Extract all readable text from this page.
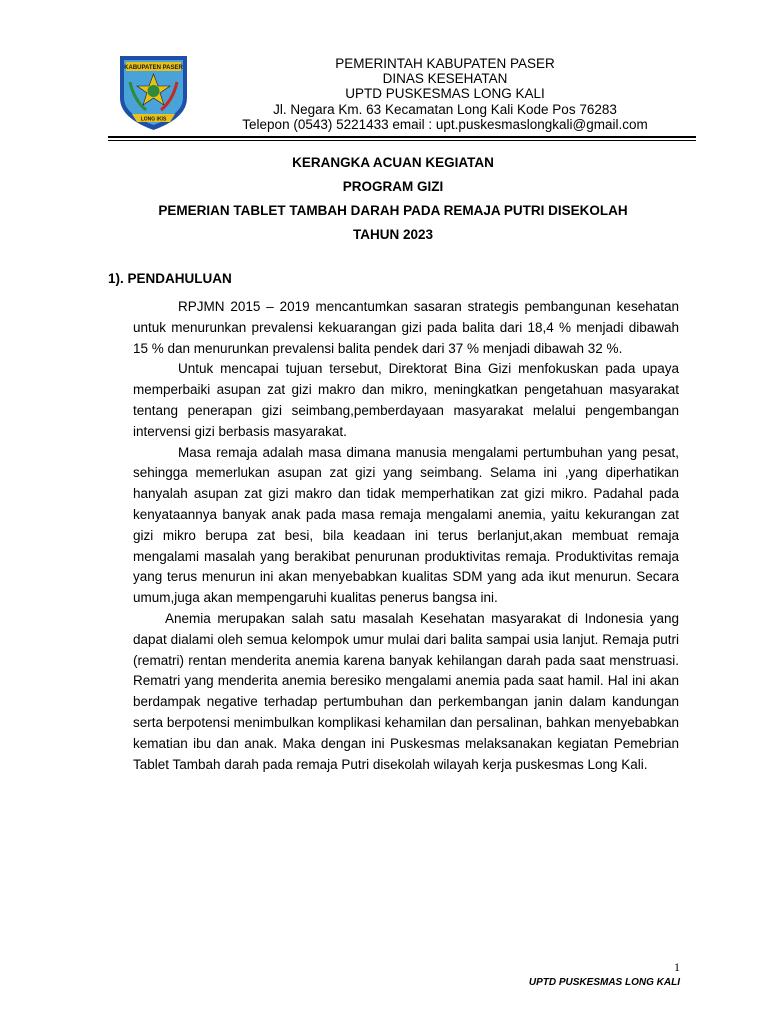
KABUPATEN PASER
LONG IKIS
PEMERINTAH KABUPATEN PASER
DINAS KESEHATAN
UPTD PUSKESMAS LONG KALI
Jl. Negara Km. 63 Kecamatan Long Kali Kode Pos 76283
Telepon (0543) 5221433 email : upt.puskesmaslongkali@gmail.com
KERANGKA ACUAN KEGIATAN
PROGRAM GIZI
PEMERIAN TABLET TAMBAH DARAH PADA REMAJA PUTRI DISEKOLAH
TAHUN 2023
1). PENDAHULUAN

RPJMN 2015 – 2019 mencantumkan sasaran strategis pembangunan kesehatan untuk menurunkan prevalensi kekuarangan gizi pada balita dari 18,4 % menjadi dibawah 15 % dan menurunkan prevalensi balita pendek dari 37 % menjadi dibawah 32 %.

Untuk mencapai tujuan tersebut, Direktorat Bina Gizi menfokuskan pada upaya memperbaiki asupan zat gizi makro dan mikro, meningkatkan pengetahuan masyarakat tentang penerapan gizi seimbang,pemberdayaan masyarakat melalui pengembangan intervensi gizi berbasis masyarakat.

Masa remaja adalah masa dimana manusia mengalami pertumbuhan yang pesat, sehingga memerlukan asupan zat gizi yang seimbang. Selama ini ,yang diperhatikan hanyalah asupan zat gizi makro dan tidak memperhatikan zat gizi mikro. Padahal pada kenyataannya banyak anak pada masa remaja mengalami anemia, yaitu kekurangan zat gizi mikro berupa zat besi, bila keadaan ini terus berlanjut,akan membuat remaja mengalami masalah yang berakibat penurunan produktivitas remaja. Produktivitas remaja yang terus menurun ini akan menyebabkan kualitas SDM yang ada ikut menurun. Secara umum,juga akan mempengaruhi kualitas penerus bangsa ini.

Anemia merupakan salah satu masalah Kesehatan masyarakat di Indonesia yang dapat dialami oleh semua kelompok umur mulai dari balita sampai usia lanjut. Remaja putri (rematri) rentan menderita anemia karena banyak kehilangan darah pada saat menstruasi. Rematri yang menderita anemia beresiko mengalami anemia pada saat hamil. Hal ini akan berdampak negative terhadap pertumbuhan dan perkembangan janin dalam kandungan serta berpotensi menimbulkan komplikasi kehamilan dan persalinan, bahkan menyebabkan kematian ibu dan anak. Maka dengan ini Puskesmas melaksanakan kegiatan Pemebrian Tablet Tambah darah pada remaja Putri disekolah wilayah kerja puskesmas Long Kali.

1
UPTD PUSKESMAS LONG KALI
